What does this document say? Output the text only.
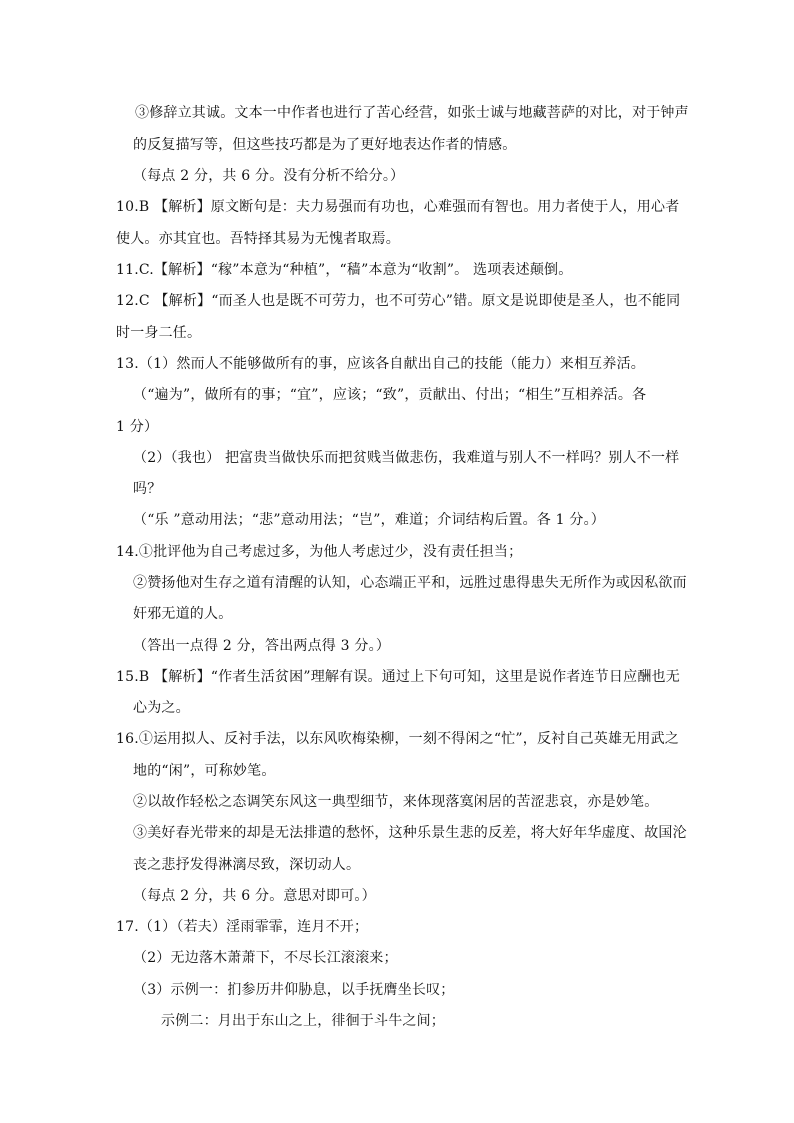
③修辞立其诚。文本一中作者也进行了苦心经营，如张士诚与地藏菩萨的对比，对于钟声
的反复描写等，但这些技巧都是为了更好地表达作者的情感。
（每点 2 分，共 6 分。没有分析不给分。）
10.B 【解析】原文断句是：夫力易强而有功也，心难强而有智也。用力者使于人，用心者
使人。亦其宜也。吾特择其易为无愧者取焉。
11.C.【解析】“稼”本意为“种植”，“穑”本意为“收割”。 选项表述颠倒。
12.C 【解析】“而圣人也是既不可劳力，也不可劳心”错。原文是说即使是圣人，也不能同
时一身二任。
13.（1）然而人不能够做所有的事，应该各自献出自己的技能（能力）来相互养活。
（“遍为”，做所有的事；“宜”，应该；“致”，贡献出、付出；“相生”互相养活。各
1 分）
（2）（我也） 把富贵当做快乐而把贫贱当做悲伤，我难道与别人不一样吗？别人不一样
吗？
（“乐 ”意动用法；“悲”意动用法；“岂”，难道；介词结构后置。各 1 分。）
14.①批评他为自己考虑过多，为他人考虑过少，没有责任担当；
②赞扬他对生存之道有清醒的认知，心态端正平和，远胜过患得患失无所作为或因私欲而
奸邪无道的人。
（答出一点得 2 分，答出两点得 3 分。）
15.B 【解析】“作者生活贫困”理解有误。通过上下句可知，这里是说作者连节日应酬也无
心为之。
16.①运用拟人、反衬手法，以东风吹梅染柳，一刻不得闲之“忙”，反衬自己英雄无用武之
地的“闲”，可称妙笔。
②以故作轻松之态调笑东风这一典型细节，来体现落寞闲居的苦涩悲哀，亦是妙笔。
③美好春光带来的却是无法排遣的愁怀，这种乐景生悲的反差，将大好年华虚度、故国沦
丧之悲抒发得淋漓尽致，深切动人。
（每点 2 分，共 6 分。意思对即可。）
17.（1）（若夫）淫雨霏霏，连月不开；
（2）无边落木萧萧下，不尽长江滚滚来；
（3）示例一：扪参历井仰胁息，以手抚膺坐长叹；
示例二：月出于东山之上，徘徊于斗牛之间；
